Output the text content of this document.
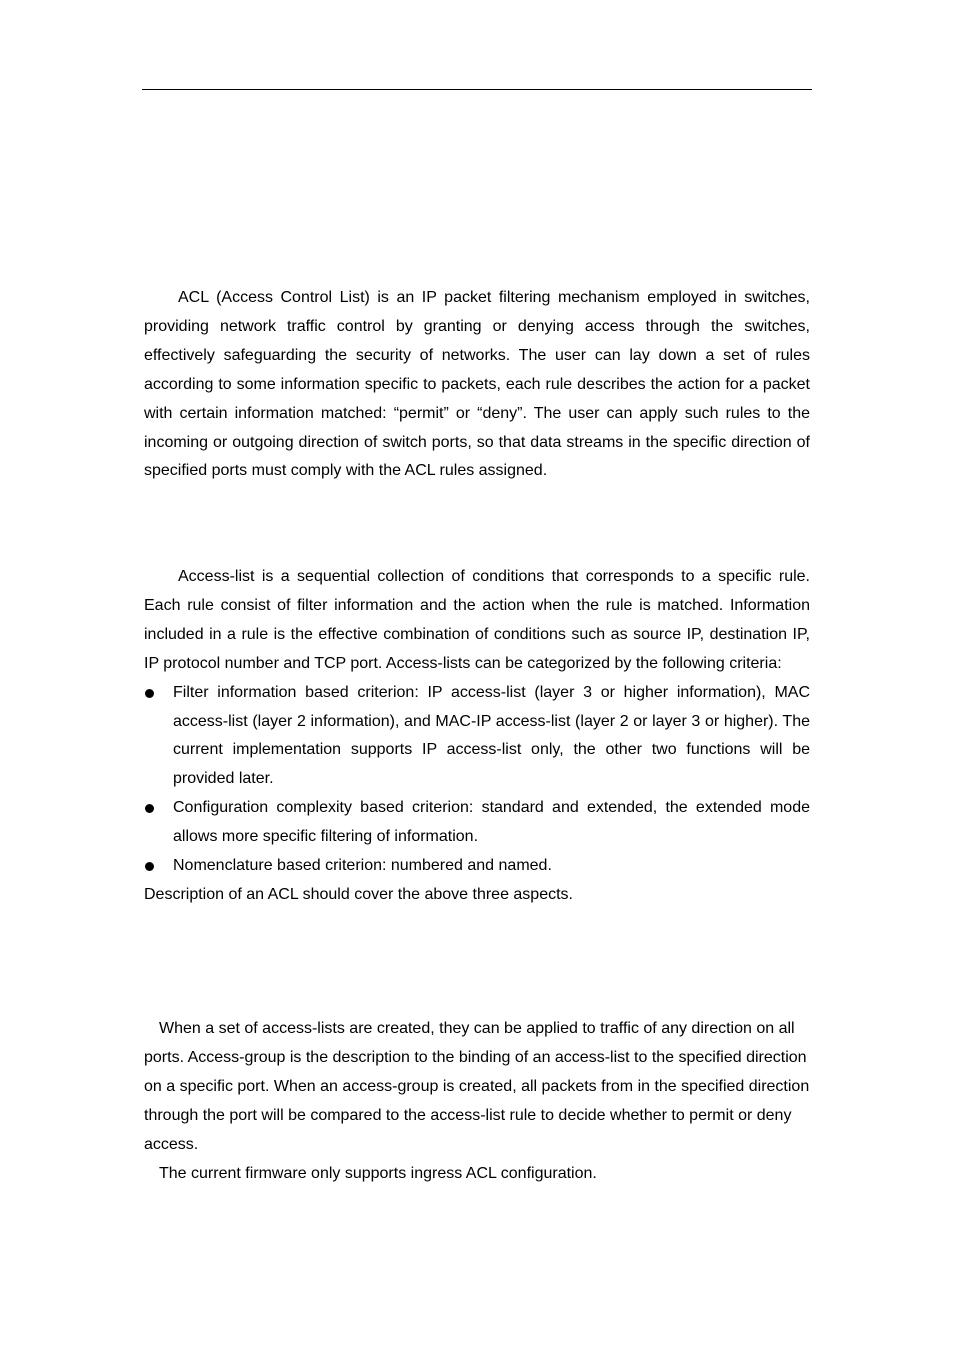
ACL (Access Control List) is an IP packet filtering mechanism employed in switches, providing network traffic control by granting or denying access through the switches, effectively safeguarding the security of networks. The user can lay down a set of rules according to some information specific to packets, each rule describes the action for a packet with certain information matched: “permit” or “deny”. The user can apply such rules to the incoming or outgoing direction of switch ports, so that data streams in the specific direction of specified ports must comply with the ACL rules assigned.

Access-list is a sequential collection of conditions that corresponds to a specific rule. Each rule consist of filter information and the action when the rule is matched. Information included in a rule is the effective combination of conditions such as source IP, destination IP, IP protocol number and TCP port. Access-lists can be categorized by the following criteria:

Filter information based criterion: IP access-list (layer 3 or higher information), MAC access-list (layer 2 information), and MAC-IP access-list (layer 2 or layer 3 or higher). The current implementation supports IP access-list only, the other two functions will be provided later.
Configuration complexity based criterion: standard and extended, the extended mode allows more specific filtering of information.
Nomenclature based criterion: numbered and named.

Description of an ACL should cover the above three aspects.

When a set of access-lists are created, they can be applied to traffic of any direction on all ports. Access-group is the description to the binding of an access-list to the specified direction on a specific port. When an access-group is created, all packets from in the specified direction through the port will be compared to the access-list rule to decide whether to permit or deny access.

The current firmware only supports ingress ACL configuration.
